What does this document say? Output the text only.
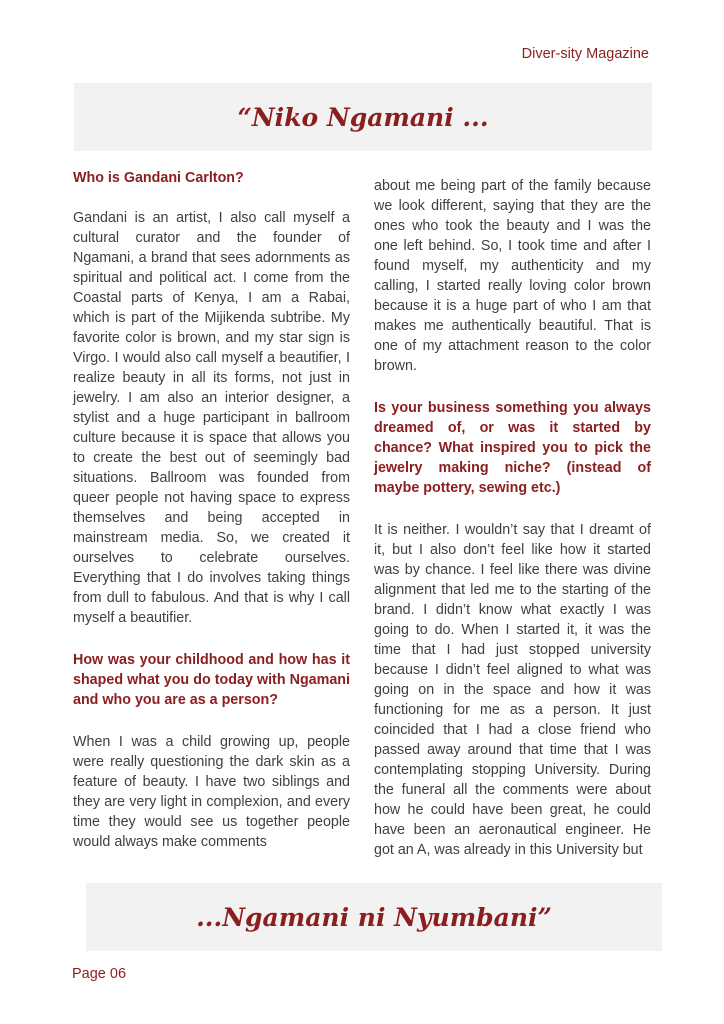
Diver-sity Magazine
“Niko Ngamani ...
Who is Gandani Carlton?
Gandani is an artist, I also call myself a cultural curator and the founder of Ngamani, a brand that sees adornments as spiritual and political act. I come from the Coastal parts of Kenya, I am a Rabai, which is part of the Mijikenda subtribe. My favorite color is brown, and my star sign is Virgo. I would also call myself a beautifier, I realize beauty in all its forms, not just in jewelry. I am also an interior designer, a stylist and a huge participant in ballroom culture because it is space that allows you to create the best out of seemingly bad situations. Ballroom was founded from queer people not having space to express themselves and being accepted in mainstream media. So, we created it ourselves to celebrate ourselves. Everything that I do involves taking things from dull to fabulous. And that is why I call myself a beautifier.
How was your childhood and how has it shaped what you do today with Ngamani and who you are as a person?
When I was a child growing up, people were really questioning the dark skin as a feature of beauty. I have two siblings and they are very light in complexion, and every time they would see us together people would always make comments
about me being part of the family because we look different, saying that they are the ones who took the beauty and I was the one left behind. So, I took time and after I found myself, my authenticity and my calling, I started really loving color brown because it is a huge part of who I am that makes me authentically beautiful. That is one of my attachment reason to the color brown.
Is your business something you always dreamed of, or was it started by chance? What inspired you to pick the jewelry making niche? (instead of maybe pottery, sewing etc.)
It is neither. I wouldn’t say that I dreamt of it, but I also don’t feel like how it started was by chance. I feel like there was divine alignment that led me to the starting of the brand. I didn’t know what exactly I was going to do. When I started it, it was the time that I had just stopped university because I didn’t feel aligned to what was going on in the space and how it was functioning for me as a person. It just coincided that I had a close friend who passed away around that time that I was contemplating stopping University. During the funeral all the comments were about how he could have been great, he could have been an aeronautical engineer. He got an A, was already in this University but
...Ngamani ni Nyumbani”
Page 06
